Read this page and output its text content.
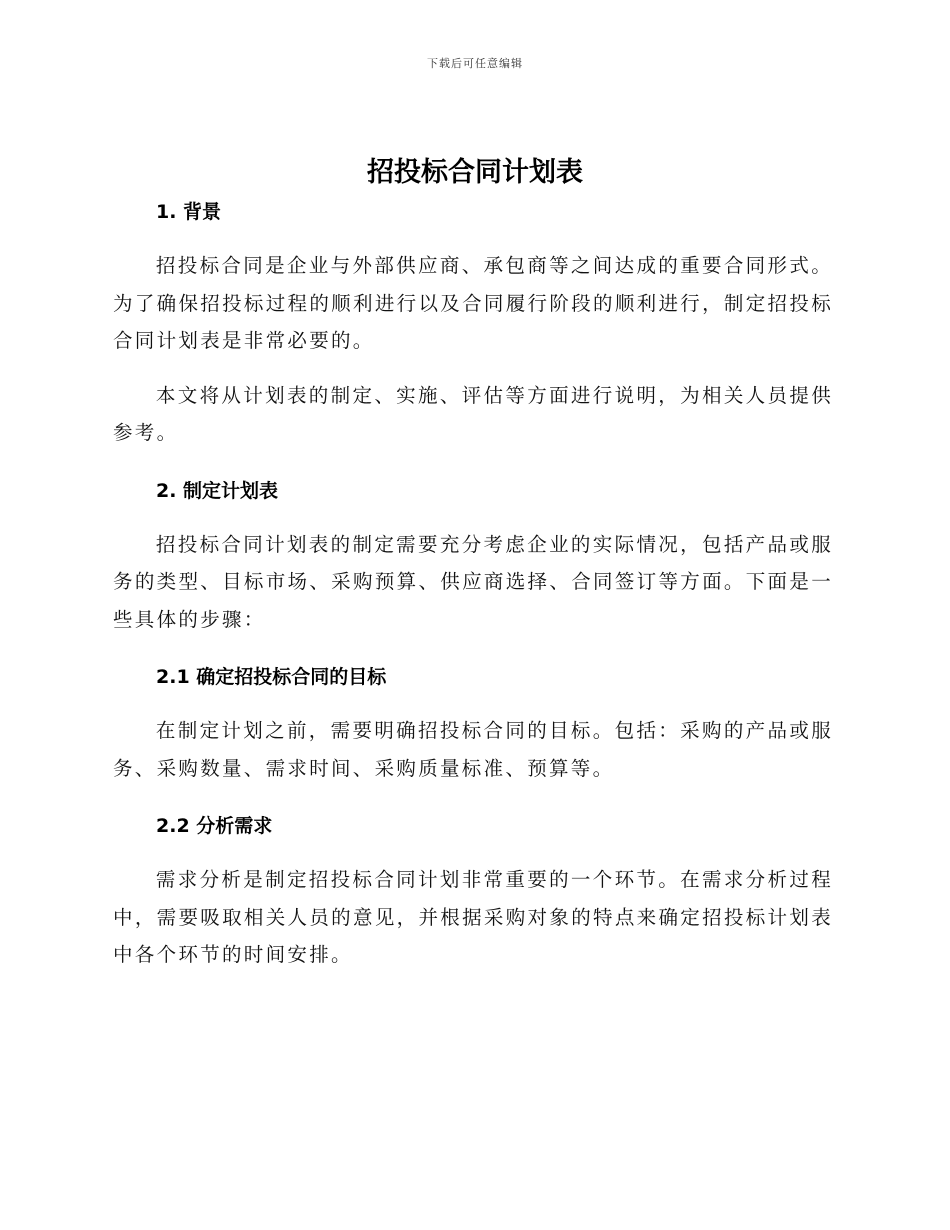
下载后可任意编辑
招投标合同计划表

1. 背景

招投标合同是企业与外部供应商、承包商等之间达成的重要合同形式。为了确保招投标过程的顺利进行以及合同履行阶段的顺利进行，制定招投标合同计划表是非常必要的。

本文将从计划表的制定、实施、评估等方面进行说明，为相关人员提供参考。

2. 制定计划表

招投标合同计划表的制定需要充分考虑企业的实际情况，包括产品或服务的类型、目标市场、采购预算、供应商选择、合同签订等方面。下面是一些具体的步骤：

2.1 确定招投标合同的目标

在制定计划之前，需要明确招投标合同的目标。包括：采购的产品或服务、采购数量、需求时间、采购质量标准、预算等。

2.2 分析需求

需求分析是制定招投标合同计划非常重要的一个环节。在需求分析过程中，需要吸取相关人员的意见，并根据采购对象的特点来确定招投标计划表中各个环节的时间安排。
